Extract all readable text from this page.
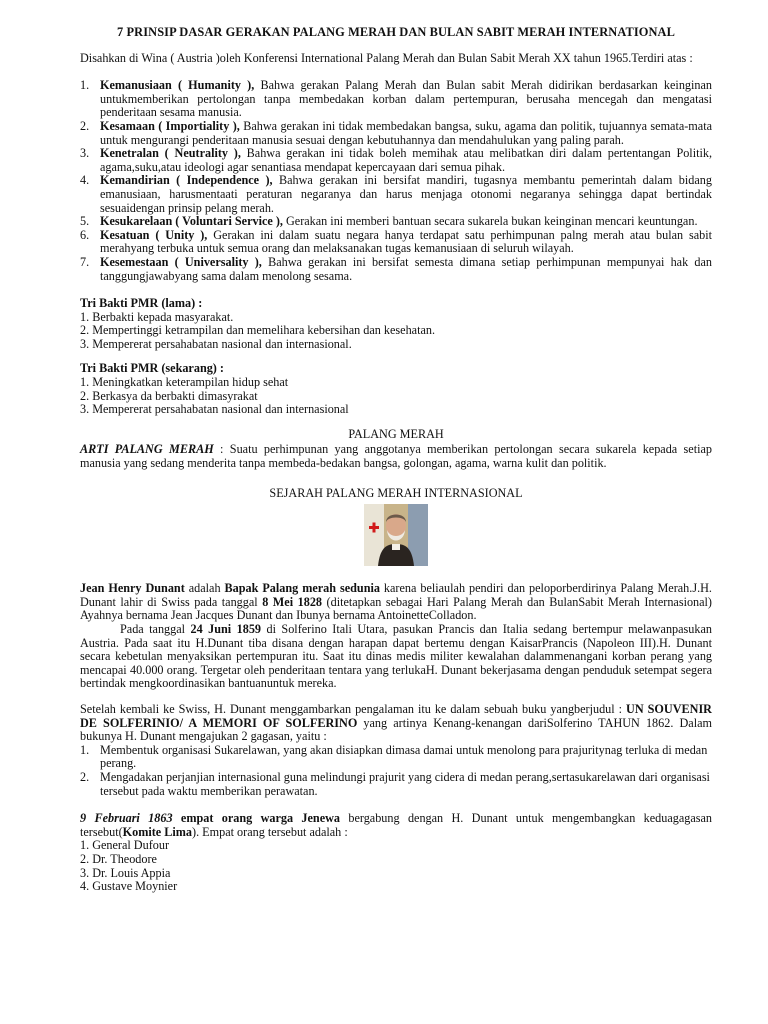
7 PRINSIP DASAR GERAKAN PALANG MERAH DAN BULAN SABIT MERAH INTERNATIONAL

Disahkan di Wina ( Austria )oleh Konferensi International Palang Merah dan Bulan Sabit Merah XX tahun 1965.Terdiri atas :

1. Kemanusiaan ( Humanity ), Bahwa gerakan Palang Merah dan Bulan sabit Merah didirikan berdasarkan keinginan untukmemberikan pertolongan tanpa membedakan korban dalam pertempuran, berusaha mencegah dan mengatasi penderitaan sesama manusia.
2. Kesamaan ( Importiality ), Bahwa gerakan ini tidak membedakan bangsa, suku, agama dan politik, tujuannya semata-mata untuk mengurangi penderitaan manusia sesuai dengan kebutuhannya dan mendahulukan yang paling parah.
3. Kenetralan ( Neutrality ), Bahwa gerakan ini tidak boleh memihak atau melibatkan diri dalam pertentangan Politik, agama,suku,atau ideologi agar senantiasa mendapat kepercayaan dari semua pihak.
4. Kemandirian ( Independence ), Bahwa gerakan ini bersifat mandiri, tugasnya membantu pemerintah dalam bidang emanusiaan, harusmentaati peraturan negaranya dan harus menjaga otonomi negaranya sehingga dapat bertindak sesuaidengan prinsip pelang merah.
5. Kesukarelaan ( Voluntari Service ), Gerakan ini memberi bantuan secara sukarela bukan keinginan mencari keuntungan.
6. Kesatuan ( Unity ), Gerakan ini dalam suatu negara hanya terdapat satu perhimpunan palng merah atau bulan sabit merahyang terbuka untuk semua orang dan melaksanakan tugas kemanusiaan di seluruh wilayah.
7. Kesemestaan ( Universality ), Bahwa gerakan ini bersifat semesta dimana setiap perhimpunan mempunyai hak dan tanggungjawabyang sama dalam menolong sesama.

Tri Bakti PMR (lama) :

1. Berbakti kepada masyarakat.
2. Mempertinggi ketrampilan dan memelihara kebersihan dan kesehatan.
3. Mempererat persahabatan nasional dan internasional.

Tri Bakti PMR (sekarang) :

1. Meningkatkan keterampilan hidup sehat
2. Berkasya da berbakti dimasyrakat
3. Mempererat persahabatan nasional dan internasional

PALANG MERAH

ARTI PALANG MERAH : Suatu perhimpunan yang anggotanya memberikan pertolongan secara sukarela kepada setiap manusia yang sedang menderita tanpa membeda-bedakan bangsa, golongan, agama, warna kulit dan politik.

SEJARAH PALANG MERAH INTERNASIONAL

Jean Henry Dunant adalah Bapak Palang merah sedunia karena beliaulah pendiri dan peloporberdirinya Palang Merah.J.H. Dunant lahir di Swiss pada tanggal 8 Mei 1828 (ditetapkan sebagai Hari Palang Merah dan BulanSabit Merah Internasional) Ayahnya bernama Jean Jacques Dunant dan Ibunya bernama AntoinetteColladon.

Pada tanggal 24 Juni 1859 di Solferino Itali Utara, pasukan Prancis dan Italia sedang bertempur melawanpasukan Austria. Pada saat itu H.Dunant tiba disana dengan harapan dapat bertemu dengan KaisarPrancis (Napoleon III).H. Dunant secara kebetulan menyaksikan pertempuran itu. Saat itu dinas medis militer kewalahan dalammenangani korban perang yang mencapai 40.000 orang. Tergetar oleh penderitaan tentara yang terlukaH. Dunant bekerjasama dengan penduduk setempat segera bertindak mengkoordinasikan bantuanuntuk mereka.

Setelah kembali ke Swiss, H. Dunant menggambarkan pengalaman itu ke dalam sebuah buku yangberjudul : UN SOUVENIR DE SOLFERINIO/ A MEMORI OF SOLFERINO yang artinya Kenang-kenangan dariSolferino TAHUN 1862. Dalam bukunya H. Dunant mengajukan 2 gagasan, yaitu :

1. Membentuk organisasi Sukarelawan, yang akan disiapkan dimasa damai untuk menolong para prajuritynag terluka di medan perang.
2. Mengadakan perjanjian internasional guna melindungi prajurit yang cidera di medan perang,sertasukarelawan dari organisasi tersebut pada waktu memberikan perawatan.

9 Februari 1863 empat orang warga Jenewa bergabung dengan H. Dunant untuk mengembangkan keduagagasan tersebut(Komite Lima). Empat orang tersebut adalah :

1. General Dufour
2. Dr. Theodore
3. Dr. Louis Appia
4. Gustave Moynier
